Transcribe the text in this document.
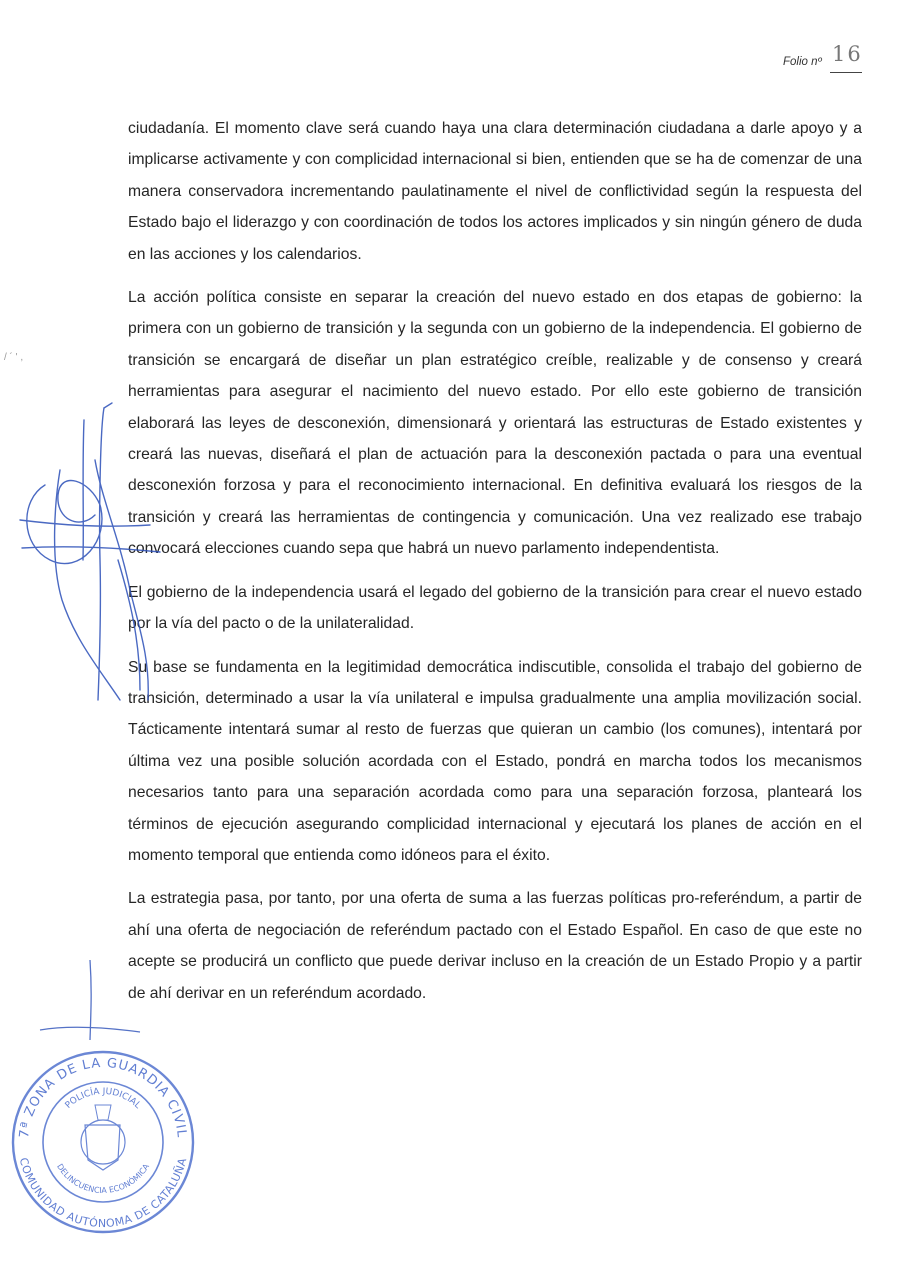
Folio nº 16
/ ´ ' ,

ciudadanía. El momento clave será cuando haya una clara determinación ciudadana a darle apoyo y a implicarse activamente y con complicidad internacional si bien, entienden que se ha de comenzar de una manera conservadora incrementando paulatinamente el nivel de conflictividad según la respuesta del Estado bajo el liderazgo y con coordinación de todos los actores implicados y sin ningún género de duda en las acciones y los calendarios.

La acción política consiste en separar la creación del nuevo estado en dos etapas de gobierno: la primera con un gobierno de transición y la segunda con un gobierno de la independencia. El gobierno de transición se encargará de diseñar un plan estratégico creíble, realizable y de consenso y creará herramientas para asegurar el nacimiento del nuevo estado. Por ello este gobierno de transición elaborará las leyes de desconexión, dimensionará y orientará las estructuras de Estado existentes y creará las nuevas, diseñará el plan de actuación para la desconexión pactada o para una eventual desconexión forzosa y para el reconocimiento internacional. En definitiva evaluará los riesgos de la transición y creará las herramientas de contingencia y comunicación. Una vez realizado ese trabajo convocará elecciones cuando sepa que habrá un nuevo parlamento independentista.

El gobierno de la independencia usará el legado del gobierno de la transición para crear el nuevo estado por la vía del pacto o de la unilateralidad.

Su base se fundamenta en la legitimidad democrática indiscutible, consolida el trabajo del gobierno de transición, determinado a usar la vía unilateral e impulsa gradualmente una amplia movilización social. Tácticamente intentará sumar al resto de fuerzas que quieran un cambio (los comunes), intentará por última vez una posible solución acordada con el Estado, pondrá en marcha todos los mecanismos necesarios tanto para una separación acordada como para una separación forzosa, planteará los términos de ejecución asegurando complicidad internacional y ejecutará los planes de acción en el momento temporal que entienda como idóneos para el éxito.

La estrategia pasa, por tanto, por una oferta de suma a las fuerzas políticas pro-referéndum, a partir de ahí una oferta de negociación de referéndum pactado con el Estado Español. En caso de que este no acepte se producirá un conflicto que puede derivar incluso en la creación de un Estado Propio y a partir de ahí derivar en un referéndum acordado.

7ª ZONA DE LA GUARDIA CIVIL
COMUNIDAD AUTÓNOMA DE CATALUÑA
POLICÍA JUDICIAL
DELINCUENCIA ECONÓMICA
